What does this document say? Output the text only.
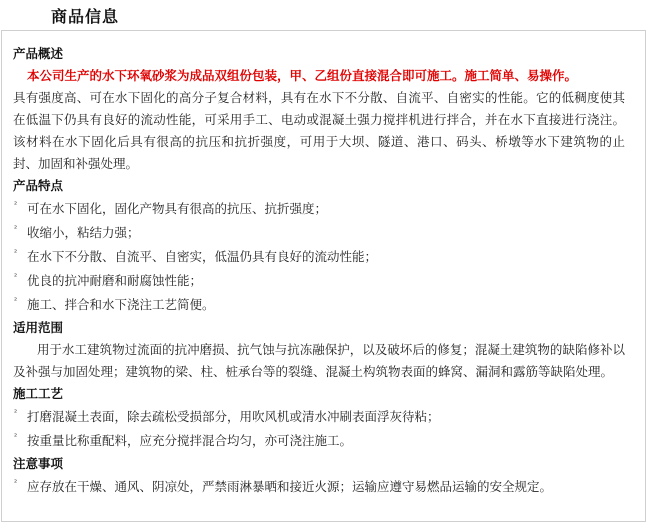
商品信息
产品概述
本公司生产的水下环氧砂浆为成品双组份包装，甲、乙组份直接混合即可施工。施工简单、易操作。
具有强度高、可在水下固化的高分子复合材料，具有在水下不分散、自流平、自密实的性能。它的低稠度使其在低温下仍具有良好的流动性能，可采用手工、电动或混凝土强力搅拌机进行拌合，并在水下直接进行浇注。该材料在水下固化后具有很高的抗压和抗折强度，可用于大坝、隧道、港口、码头、桥墩等水下建筑物的止封、加固和补强处理。
产品特点
² 可在水下固化，固化产物具有很高的抗压、抗折强度；
² 收缩小，粘结力强；
² 在水下不分散、自流平、自密实，低温仍具有良好的流动性能；
² 优良的抗冲耐磨和耐腐蚀性能；
² 施工、拌合和水下浇注工艺简便。
适用范围
用于水工建筑物过流面的抗冲磨损、抗气蚀与抗冻融保护，以及破坏后的修复；混凝土建筑物的缺陷修补以及补强与加固处理；建筑物的梁、柱、桩承台等的裂缝、混凝土构筑物表面的蜂窝、漏洞和露筋等缺陷处理。
施工工艺
² 打磨混凝土表面，除去疏松受损部分，用吹风机或清水冲刷表面浮灰待粘；
² 按重量比称重配料，应充分搅拌混合均匀，亦可浇注施工。
注意事项
² 应存放在干燥、通风、阴凉处，严禁雨淋暴晒和接近火源；运输应遵守易燃品运输的安全规定。
